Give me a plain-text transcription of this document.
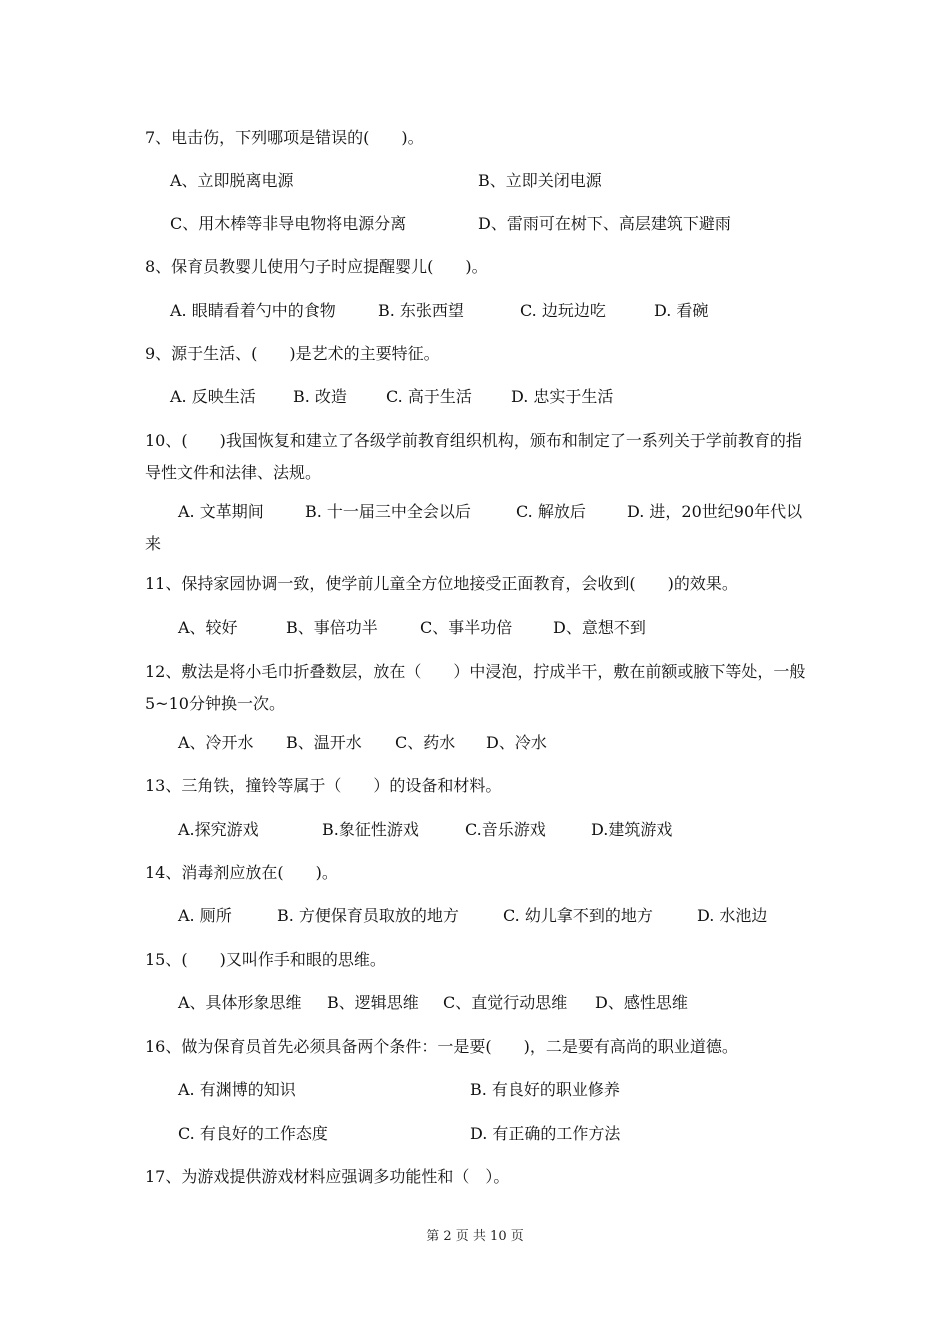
7、电击伤，下列哪项是错误的(　　)。
A、立即脱离电源	B、立即关闭电源
C、用木棒等非导电物将电源分离	D、雷雨可在树下、高层建筑下避雨
8、保育员教婴儿使用勺子时应提醒婴儿(　　)。
A. 眼睛看着勺中的食物	B. 东张西望	C. 边玩边吃	D. 看碗
9、源于生活、(　　)是艺术的主要特征。
A. 反映生活 B. 改造 C. 高于生活 D. 忠实于生活
10、(　　)我国恢复和建立了各级学前教育组织机构，颁布和制定了一系列关于学前教育的指导性文件和法律、法规。
A. 文革期间	B. 十一届三中全会以后	C. 解放后	D. 进，20世纪90年代以来
11、保持家园协调一致，使学前儿童全方位地接受正面教育，会收到(　　)的效果。
A、较好	B、事倍功半	C、事半功倍	D、意想不到
12、敷法是将小毛巾折叠数层，放在（　　）中浸泡，拧成半干，敷在前额或腋下等处，一般5~10分钟换一次。
A、冷开水 B、温开水 C、药水 D、冷水
13、三角铁，撞铃等属于（　　）的设备和材料。
A.探究游戏	B.象征性游戏	C.音乐游戏	D.建筑游戏
14、消毒剂应放在(　　)。
A. 厕所	B. 方便保育员取放的地方	C. 幼儿拿不到的地方	D. 水池边
15、(　　)又叫作手和眼的思维。
A、具体形象思维 B、逻辑思维 C、直觉行动思维 D、感性思维
16、做为保育员首先必须具备两个条件：一是要(　　)，二是要有高尚的职业道德。
A. 有渊博的知识	B. 有良好的职业修养
C. 有良好的工作态度	D. 有正确的工作方法
17、为游戏提供游戏材料应强调多功能性和（　）。
第 2 页 共 10 页
